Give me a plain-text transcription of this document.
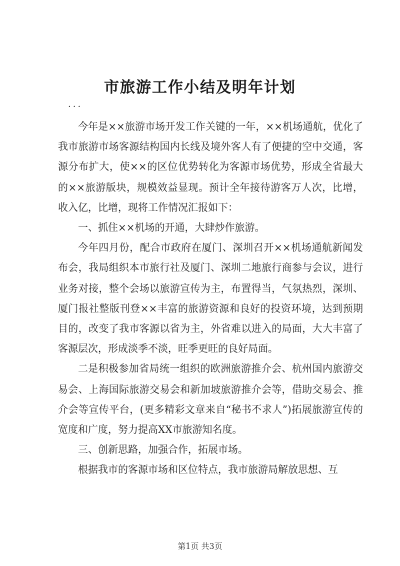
市旅游工作小结及明年计划
...

今年是××旅游市场开发工作关键的一年，××机场通航，优化了我市旅游市场客源结构国内长线及境外客人有了便捷的空中交通，客源分布扩大，使××的区位优势转化为客源市场优势，形成全省最大的××旅游版块，规模效益显现。预计全年接待游客万人次，比增，收入亿，比增，现将工作情况汇报如下：

一、抓住××机场的开通，大肆炒作旅游。

今年四月份，配合市政府在厦门、深圳召开××机场通航新闻发布会，我局组织本市旅行社及厦门、深圳二地旅行商参与会议，进行业务对接，整个会场以旅游宣传为主，布置得当，气氛热烈，深圳、厦门报社整版刊登××丰富的旅游资源和良好的投资环境，达到预期目的，改变了我市客源以省为主，外省难以进入的局面，大大丰富了客源层次，形成淡季不淡，旺季更旺的良好局面。

二是积极参加省局统一组织的欧洲旅游推介会、杭州国内旅游交易会、上海国际旅游交易会和新加坡旅游推介会等，借助交易会、推介会等宣传平台，(更多精彩文章来自“秘书不求人”)拓展旅游宣传的宽度和广度，努力提高XX市旅游知名度。

三、创新思路，加强合作，拓展市场。

根据我市的客源市场和区位特点，我市旅游局解放思想、互

第1页 共3页
